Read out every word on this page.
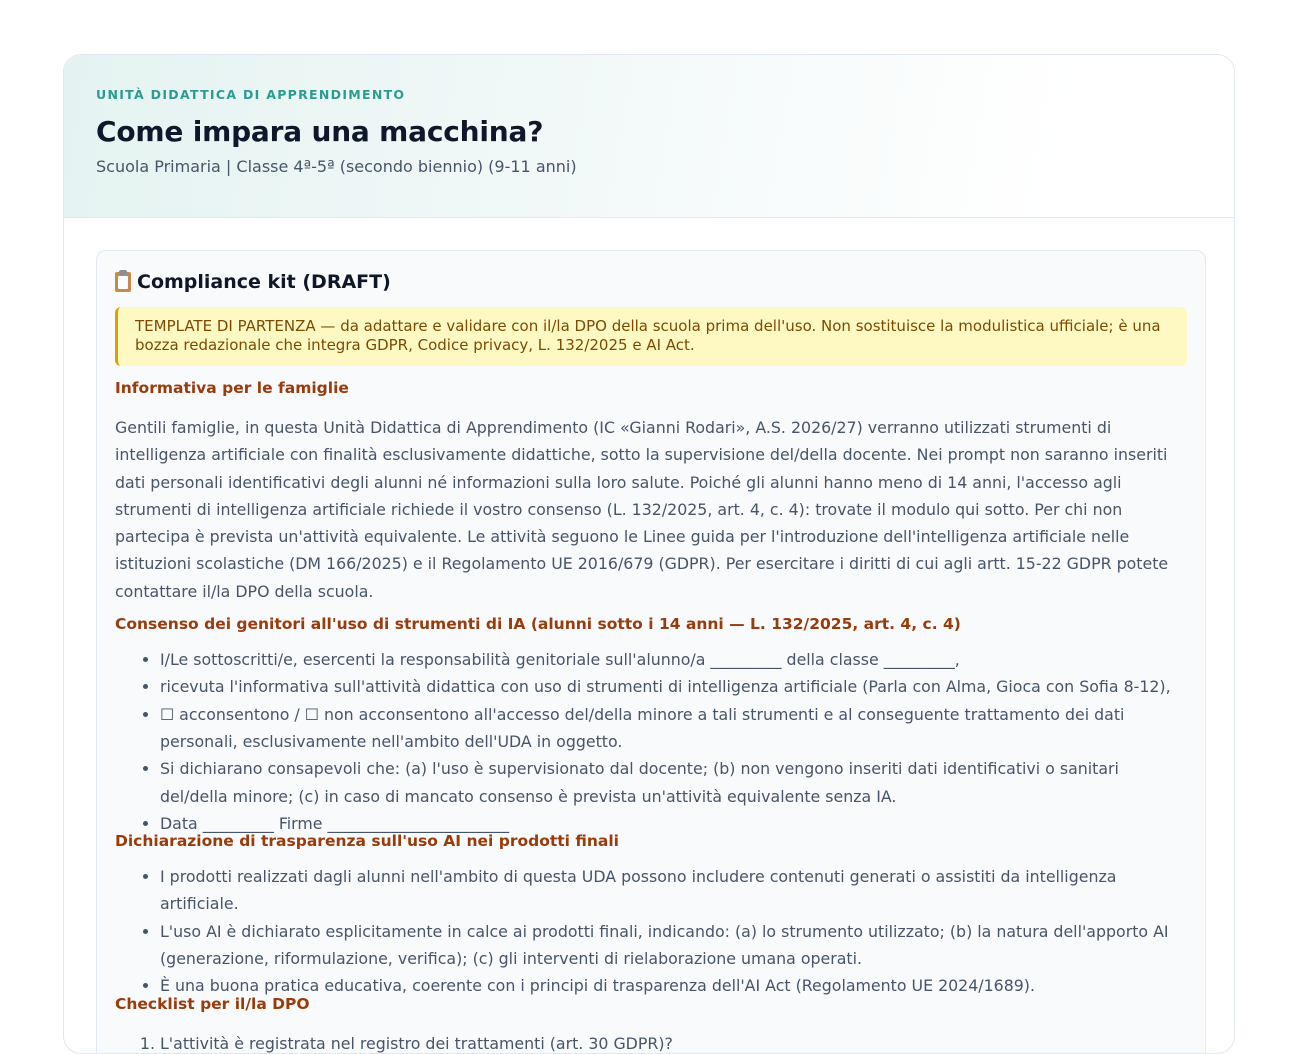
UNITÀ DIDATTICA DI APPRENDIMENTO
Come impara una macchina?
Scuola Primaria | Classe 4ª-5ª (secondo biennio) (9-11 anni)
Compliance kit (DRAFT)
TEMPLATE DI PARTENZA — da adattare e validare con il/la DPO della scuola prima dell'uso. Non sostituisce la modulistica ufficiale; è una bozza redazionale che integra GDPR, Codice privacy, L. 132/2025 e AI Act.
Informativa per le famiglie

Gentili famiglie, in questa Unità Didattica di Apprendimento (IC «Gianni Rodari», A.S. 2026/27) verranno utilizzati strumenti di intelligenza artificiale con finalità esclusivamente didattiche, sotto la supervisione del/della docente. Nei prompt non saranno inseriti dati personali identificativi degli alunni né informazioni sulla loro salute. Poiché gli alunni hanno meno di 14 anni, l'accesso agli strumenti di intelligenza artificiale richiede il vostro consenso (L. 132/2025, art. 4, c. 4): trovate il modulo qui sotto. Per chi non partecipa è prevista un'attività equivalente. Le attività seguono le Linee guida per l'introduzione dell'intelligenza artificiale nelle istituzioni scolastiche (DM 166/2025) e il Regolamento UE 2016/679 (GDPR). Per esercitare i diritti di cui agli artt. 15-22 GDPR potete contattare il/la DPO della scuola.

Consenso dei genitori all'uso di strumenti di IA (alunni sotto i 14 anni — L. 132/2025, art. 4, c. 4)
• I/Le sottoscritti/e, esercenti la responsabilità genitoriale sull'alunno/a _________ della classe _________,
• ricevuta l'informativa sull'attività didattica con uso di strumenti di intelligenza artificiale (Parla con Alma, Gioca con Sofia 8-12),
• ☐ acconsentono / ☐ non acconsentono all'accesso del/della minore a tali strumenti e al conseguente trattamento dei dati personali, esclusivamente nell'ambito dell'UDA in oggetto.
• Si dichiarano consapevoli che: (a) l'uso è supervisionato dal docente; (b) non vengono inseriti dati identificativi o sanitari del/della minore; (c) in caso di mancato consenso è prevista un'attività equivalente senza IA.
• Data _________ Firme _______________________
Dichiarazione di trasparenza sull'uso AI nei prodotti finali
• I prodotti realizzati dagli alunni nell'ambito di questa UDA possono includere contenuti generati o assistiti da intelligenza artificiale.
• L'uso AI è dichiarato esplicitamente in calce ai prodotti finali, indicando: (a) lo strumento utilizzato; (b) la natura dell'apporto AI (generazione, riformulazione, verifica); (c) gli interventi di rielaborazione umana operati.
• È una buona pratica educativa, coerente con i principi di trasparenza dell'AI Act (Regolamento UE 2024/1689).
Checklist per il/la DPO
1. L'attività è registrata nel registro dei trattamenti (art. 30 GDPR)?
